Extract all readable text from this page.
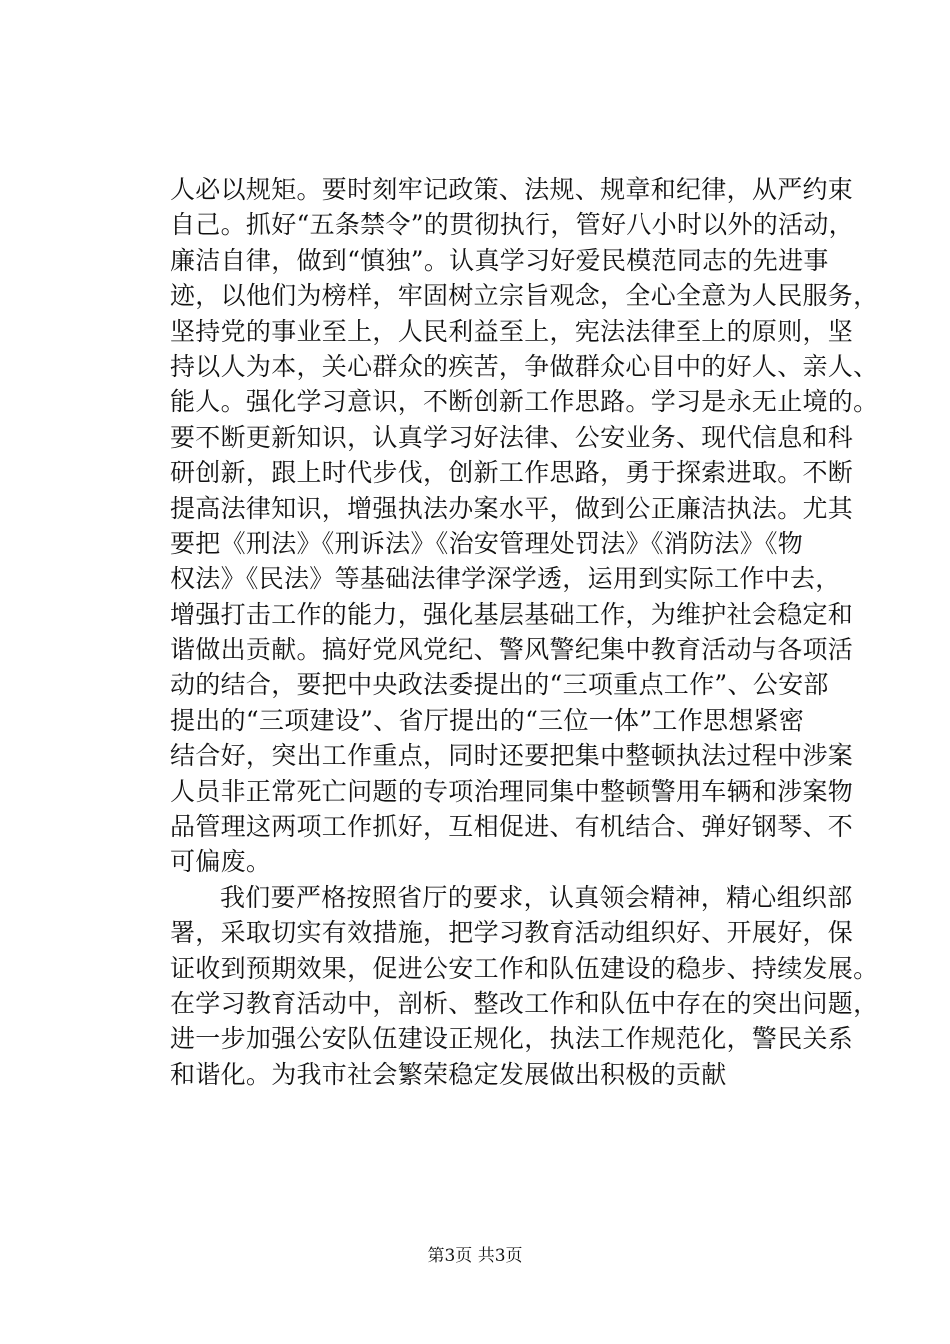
人必以规矩。要时刻牢记政策、法规、规章和纪律，从严约束
自己。抓好“五条禁令”的贯彻执行，管好八小时以外的活动，
廉洁自律，做到“慎独”。认真学习好爱民模范同志的先进事
迹，以他们为榜样，牢固树立宗旨观念，全心全意为人民服务，
坚持党的事业至上，人民利益至上，宪法法律至上的原则，坚
持以人为本，关心群众的疾苦，争做群众心目中的好人、亲人、
能人。强化学习意识，不断创新工作思路。学习是永无止境的。
要不断更新知识，认真学习好法律、公安业务、现代信息和科
研创新，跟上时代步伐，创新工作思路，勇于探索进取。不断
提高法律知识，增强执法办案水平，做到公正廉洁执法。尤其
要把《刑法》《刑诉法》《治安管理处罚法》《消防法》《物
权法》《民法》等基础法律学深学透，运用到实际工作中去，
增强打击工作的能力，强化基层基础工作，为维护社会稳定和
谐做出贡献。搞好党风党纪、警风警纪集中教育活动与各项活
动的结合，要把中央政法委提出的“三项重点工作”、公安部
提出的“三项建设”、省厅提出的“三位一体”工作思想紧密
结合好，突出工作重点，同时还要把集中整顿执法过程中涉案
人员非正常死亡问题的专项治理同集中整顿警用车辆和涉案物
品管理这两项工作抓好，互相促进、有机结合、弹好钢琴、不
可偏废。
我们要严格按照省厅的要求，认真领会精神，精心组织部
署，采取切实有效措施，把学习教育活动组织好、开展好，保
证收到预期效果，促进公安工作和队伍建设的稳步、持续发展。
在学习教育活动中，剖析、整改工作和队伍中存在的突出问题，
进一步加强公安队伍建设正规化，执法工作规范化，警民关系
和谐化。为我市社会繁荣稳定发展做出积极的贡献
第3页 共3页
